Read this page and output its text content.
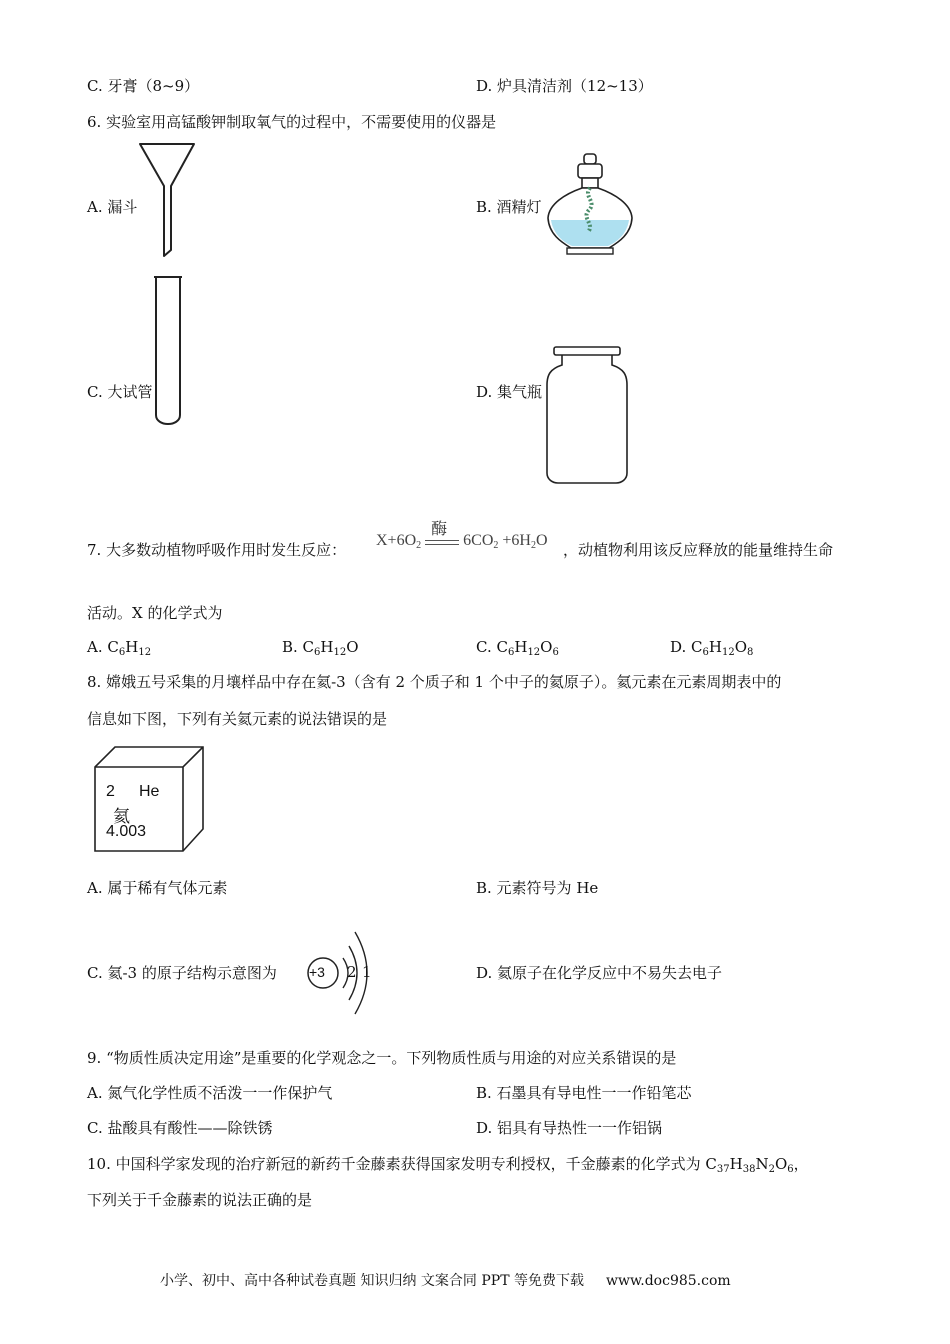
C. 牙膏（8~9）	D. 炉具清洁剂（12~13）
6. 实验室用高锰酸钾制取氧气的过程中，不需要使用的仪器是
A. 漏斗	B. 酒精灯
C. 大试管	D. 集气瓶
7. 大多数动植物呼吸作用时发生反应：
$X+6O_2$
酶
$6CO_2 +6H_2O$
，动植物利用该反应释放的能量维持生命
活动。X 的化学式为
A. $C_6H_{12}$	B. $C_6H_{12}O$	C. $C_6H_{12}O_6$	D. $C_6H_{12}O_8$
8. 嫦娥五号采集的月壤样品中存在氦-3（含有 2 个质子和 1 个中子的氦原子）。氦元素在元素周期表中的
信息如下图，下列有关氦元素的说法错误的是
2 He
氦
4.003
A. 属于稀有气体元素	B. 元素符号为 He
C. 氦-3 的原子结构示意图为 +3 2 1	D. 氦原子在化学反应中不易失去电子
9. “物质性质决定用途”是重要的化学观念之一。下列物质性质与用途的对应关系错误的是
A. 氮气化学性质不活泼一一作保护气	B. 石墨具有导电性一一作铅笔芯
C. 盐酸具有酸性——除铁锈	D. 铝具有导热性一一作铝锅
10. 中国科学家发现的治疗新冠的新药千金藤素获得国家发明专利授权，千金藤素的化学式为 $C_{37}H_{38}N_2O_6$，
下列关于千金藤素的说法正确的是
小学、初中、高中各种试卷真题 知识归纳 文案合同 PPT 等免费下载 www.doc985.com
